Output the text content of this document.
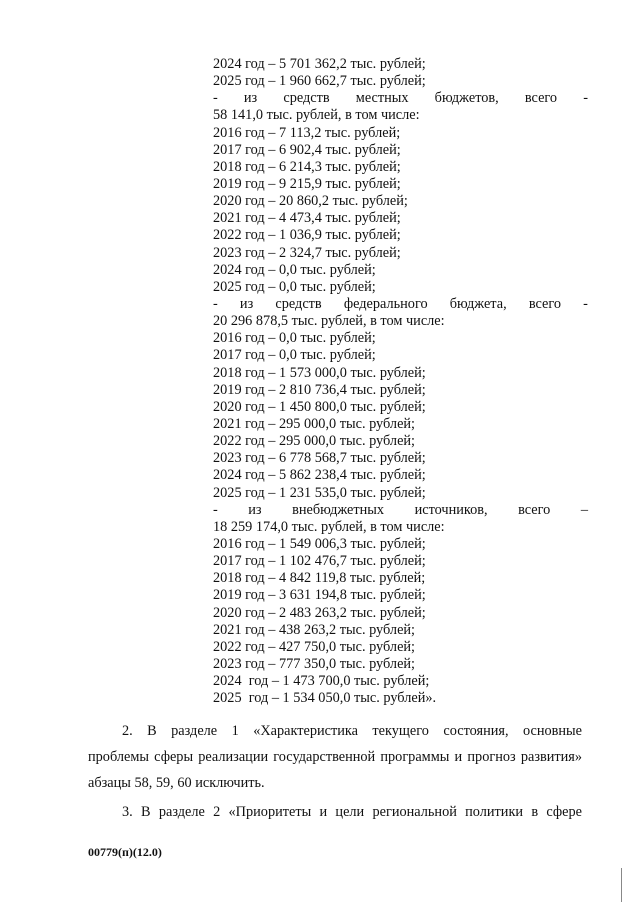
2024 год – 5 701 362,2 тыс. рублей;
2025 год – 1 960 662,7 тыс. рублей;
- из средств местных бюджетов, всего -
58 141,0 тыс. рублей, в том числе:
2016 год – 7 113,2 тыс. рублей;
2017 год – 6 902,4 тыс. рублей;
2018 год – 6 214,3 тыс. рублей;
2019 год – 9 215,9 тыс. рублей;
2020 год – 20 860,2 тыс. рублей;
2021 год – 4 473,4 тыс. рублей;
2022 год – 1 036,9 тыс. рублей;
2023 год – 2 324,7 тыс. рублей;
2024 год – 0,0 тыс. рублей;
2025 год – 0,0 тыс. рублей;
- из средств федерального бюджета, всего -
20 296 878,5 тыс. рублей, в том числе:
2016 год – 0,0 тыс. рублей;
2017 год – 0,0 тыс. рублей;
2018 год – 1 573 000,0 тыс. рублей;
2019 год – 2 810 736,4 тыс. рублей;
2020 год – 1 450 800,0 тыс. рублей;
2021 год – 295 000,0 тыс. рублей;
2022 год – 295 000,0 тыс. рублей;
2023 год – 6 778 568,7 тыс. рублей;
2024 год – 5 862 238,4 тыс. рублей;
2025 год – 1 231 535,0 тыс. рублей;
- из внебюджетных источников, всего –
18 259 174,0 тыс. рублей, в том числе:
2016 год – 1 549 006,3 тыс. рублей;
2017 год – 1 102 476,7 тыс. рублей;
2018 год – 4 842 119,8 тыс. рублей;
2019 год – 3 631 194,8 тыс. рублей;
2020 год – 2 483 263,2 тыс. рублей;
2021 год – 438 263,2 тыс. рублей;
2022 год – 427 750,0 тыс. рублей;
2023 год – 777 350,0 тыс. рублей;
2024  год – 1 473 700,0 тыс. рублей;
2025  год – 1 534 050,0 тыс. рублей».
2. В разделе 1 «Характеристика текущего состояния, основные
проблемы сферы реализации государственной программы и прогноз развития»
абзацы 58, 59, 60 исключить.
3. В разделе 2 «Приоритеты и цели региональной политики в сфере
00779(п)(12.0)
